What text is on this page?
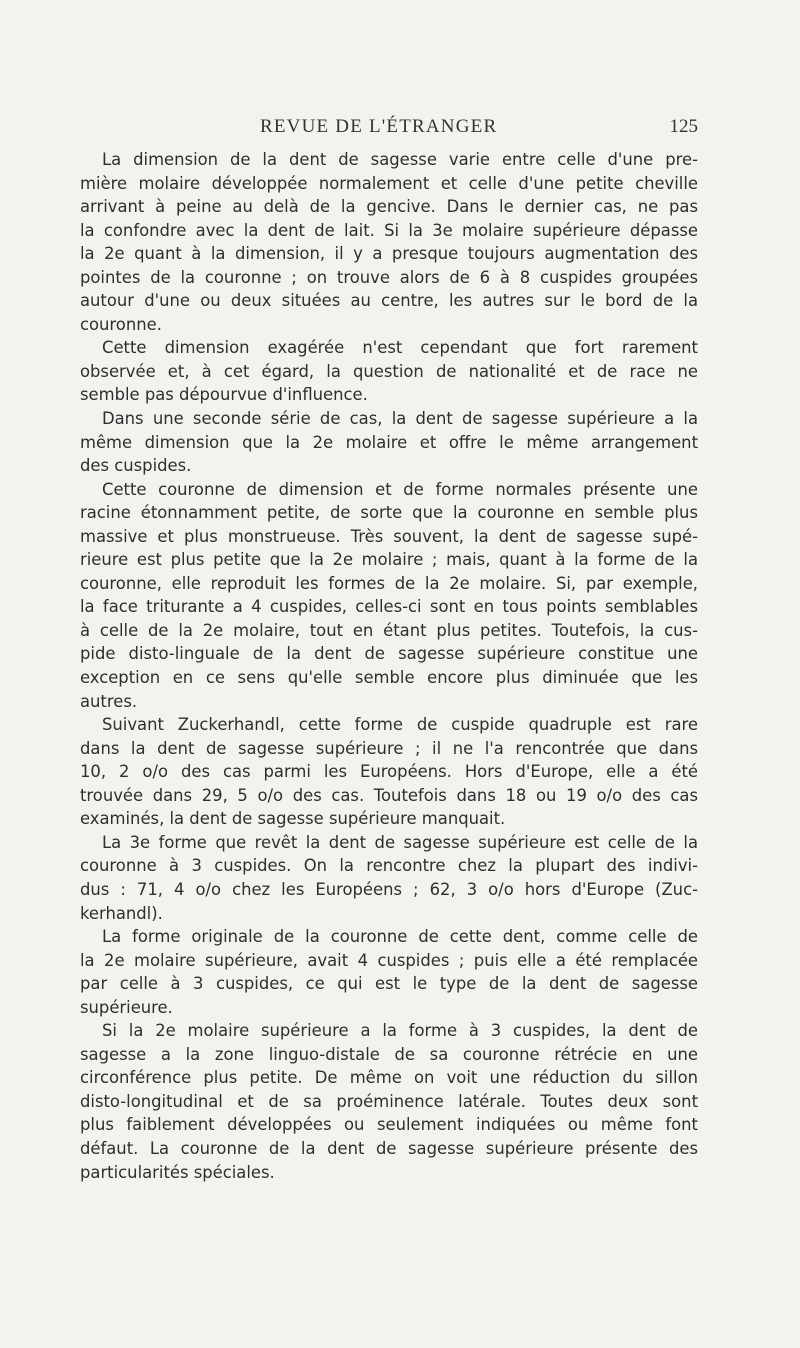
REVUE DE L'ÉTRANGER	125
La dimension de la dent de sagesse varie entre celle d'une pre-
mière molaire développée normalement et celle d'une petite cheville
arrivant à peine au delà de la gencive. Dans le dernier cas, ne pas
la confondre avec la dent de lait. Si la 3e molaire supérieure dépasse
la 2e quant à la dimension, il y a presque toujours augmentation des
pointes de la couronne ; on trouve alors de 6 à 8 cuspides groupées
autour d'une ou deux situées au centre, les autres sur le bord de la
couronne.
Cette dimension exagérée n'est cependant que fort rarement
observée et, à cet égard, la question de nationalité et de race ne
semble pas dépourvue d'influence.
Dans une seconde série de cas, la dent de sagesse supérieure a la
même dimension que la 2e molaire et offre le même arrangement
des cuspides.
Cette couronne de dimension et de forme normales présente une
racine étonnamment petite, de sorte que la couronne en semble plus
massive et plus monstrueuse. Très souvent, la dent de sagesse supé-
rieure est plus petite que la 2e molaire ; mais, quant à la forme de la
couronne, elle reproduit les formes de la 2e molaire. Si, par exemple,
la face triturante a 4 cuspides, celles-ci sont en tous points semblables
à celle de la 2e molaire, tout en étant plus petites. Toutefois, la cus-
pide disto-linguale de la dent de sagesse supérieure constitue une
exception en ce sens qu'elle semble encore plus diminuée que les
autres.
Suivant Zuckerhandl, cette forme de cuspide quadruple est rare
dans la dent de sagesse supérieure ; il ne l'a rencontrée que dans
10, 2 o/o des cas parmi les Européens. Hors d'Europe, elle a été
trouvée dans 29, 5 o/o des cas. Toutefois dans 18 ou 19 o/o des cas
examinés, la dent de sagesse supérieure manquait.
La 3e forme que revêt la dent de sagesse supérieure est celle de la
couronne à 3 cuspides. On la rencontre chez la plupart des indivi-
dus : 71, 4 o/o chez les Européens ; 62, 3 o/o hors d'Europe (Zuc-
kerhandl).
La forme originale de la couronne de cette dent, comme celle de
la 2e molaire supérieure, avait 4 cuspides ; puis elle a été remplacée
par celle à 3 cuspides, ce qui est le type de la dent de sagesse
supérieure.
Si la 2e molaire supérieure a la forme à 3 cuspides, la dent de
sagesse a la zone linguo-distale de sa couronne rétrécie en une
circonférence plus petite. De même on voit une réduction du sillon
disto-longitudinal et de sa proéminence latérale. Toutes deux sont
plus faiblement développées ou seulement indiquées ou même font
défaut. La couronne de la dent de sagesse supérieure présente des
particularités spéciales.
